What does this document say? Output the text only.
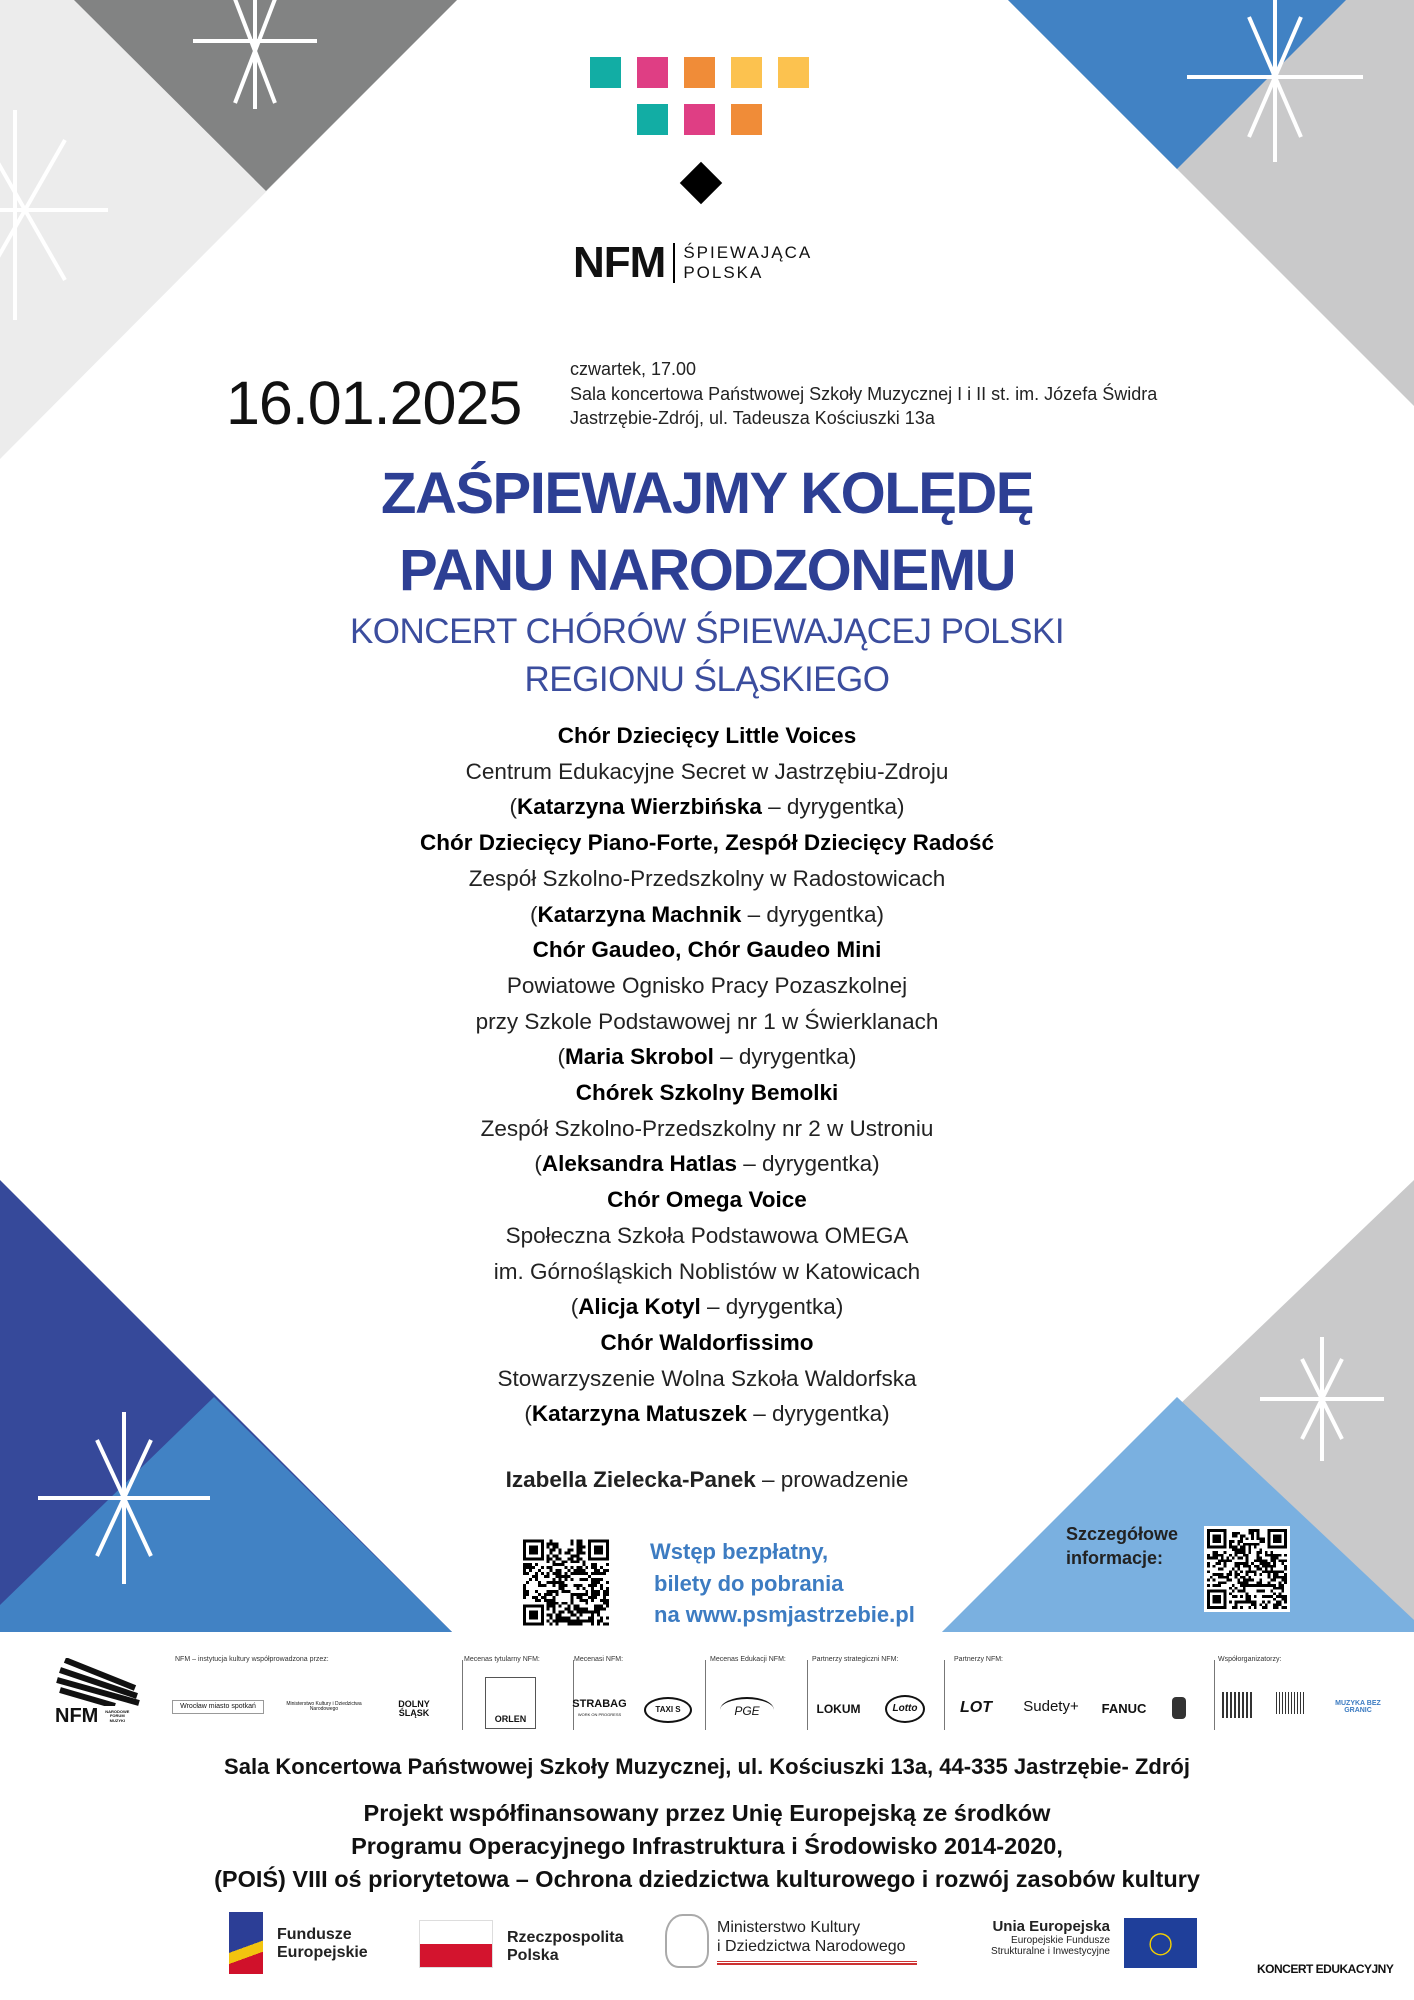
NFM ŚPIEWAJĄCA
POLSKA
16.01.2025	czwartek, 17.00
Sala koncertowa Państwowej Szkoły Muzycznej I i II st. im. Józefa Świdra
Jastrzębie-Zdrój, ul. Tadeusza Kościuszki 13a
ZAŚPIEWAJMY KOLĘDĘ
PANU NARODZONEMU
KONCERT CHÓRÓW ŚPIEWAJĄCEJ POLSKI
REGIONU ŚLĄSKIEGO
Chór Dziecięcy Little Voices
Centrum Edukacyjne Secret w Jastrzębiu-Zdroju
(Katarzyna Wierzbińska – dyrygentka)
Chór Dziecięcy Piano-Forte, Zespół Dziecięcy Radość
Zespół Szkolno-Przedszkolny w Radostowicach
(Katarzyna Machnik – dyrygentka)
Chór Gaudeo, Chór Gaudeo Mini
Powiatowe Ognisko Pracy Pozaszkolnej
przy Szkole Podstawowej nr 1 w Świerklanach
(Maria Skrobol – dyrygentka)
Chórek Szkolny Bemolki
Zespół Szkolno-Przedszkolny nr 2 w Ustroniu
(Aleksandra Hatlas – dyrygentka)
Chór Omega Voice
Społeczna Szkoła Podstawowa OMEGA
im. Górnośląskich Noblistów w Katowicach
(Alicja Kotyl – dyrygentka)
Chór Waldorfissimo
Stowarzyszenie Wolna Szkoła Waldorfska
(Katarzyna Matuszek – dyrygentka)
Izabella Zielecka-Panek – prowadzenie
Wstęp bezpłatny,
bilety do pobrania
na www.psmjastrzebie.pl
Szczegółowe
informacje:
NFM	NARODOWE FORUM MUZYKI
NFM – instytucja kultury współprowadzona przez:	Mecenas tytularny NFM:	Mecenasi NFM:	Mecenas Edukacji NFM:	Partnerzy strategiczni NFM:	Partnerzy NFM:	Współorganizatorzy:
Wrocław miasto spotkań	Ministerstwo Kultury i Dziedzictwa Narodowego
DOLNY ŚLĄSK
ORLEN
STRABAG
WORK ON PROGRESS
TAXI S	PGE	LOKUM	Lotto	LOT Sudety+	FANUC	MUZYKA BEZ GRANIC
Sala Koncertowa Państwowej Szkoły Muzycznej, ul. Kościuszki 13a, 44-335 Jastrzębie- Zdrój
Projekt współfinansowany przez Unię Europejską ze środków
Programu Operacyjnego Infrastruktura i Środowisko 2014-2020,
(POIŚ) VIII oś priorytetowa – Ochrona dziedzictwa kulturowego i rozwój zasobów kultury
Fundusze
Europejskie
Rzeczpospolita
Polska
Ministerstwo Kultury
i Dziedzictwa Narodowego
Unia Europejska
Europejskie Fundusze
Strukturalne i Inwestycyjne	◯
KONCERT EDUKACYJNY
